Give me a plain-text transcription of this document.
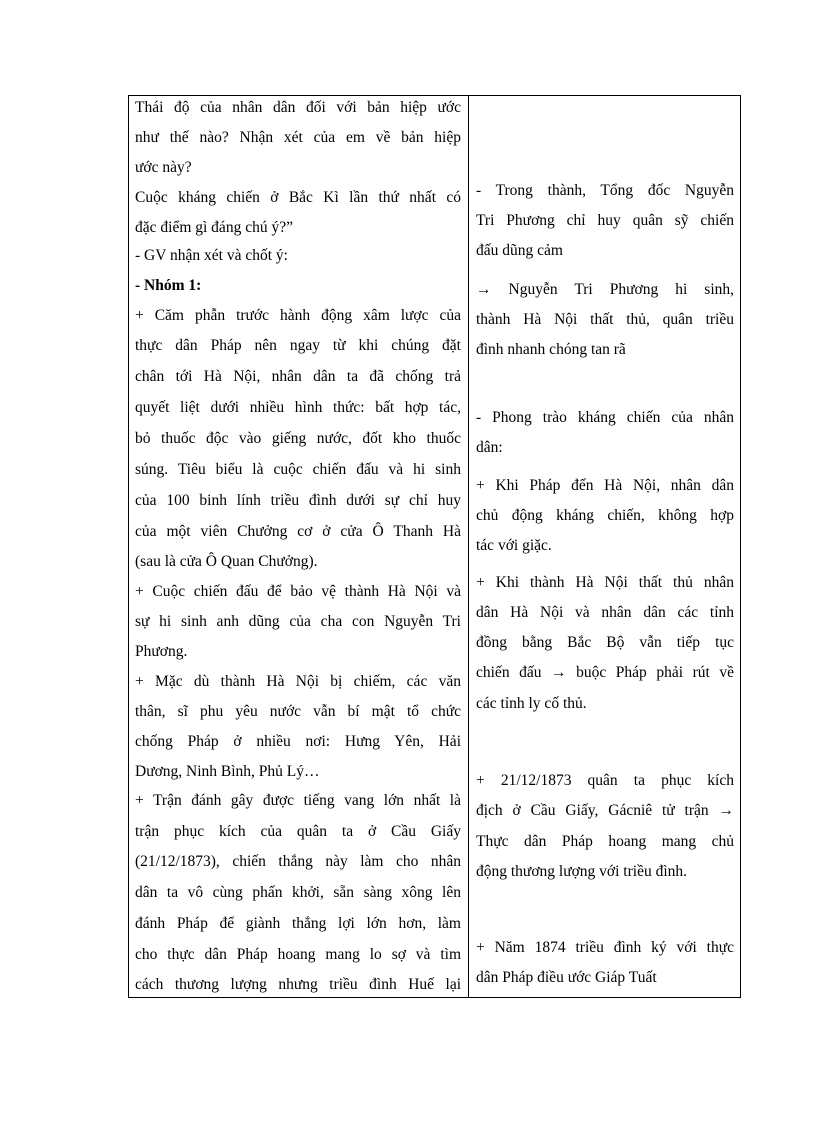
Thái độ của nhân dân đối với bản hiệp ước
như thế nào? Nhận xét của em về bản hiệp
ước này?
Cuộc kháng chiến ở Bắc Kì lần thứ nhất có
đặc điểm gì đáng chú ý?”
- GV nhận xét và chốt ý:
- Nhóm 1:
+ Căm phẫn trước hành động xâm lược của
thực dân Pháp nên ngay từ khi chúng đặt
chân tới Hà Nội, nhân dân ta đã chống trả
quyết liệt dưới nhiều hình thức: bất hợp tác,
bỏ thuốc độc vào giếng nước, đốt kho thuốc
súng. Tiêu biểu là cuộc chiến đấu và hi sinh
của 100 binh lính triều đình dưới sự chỉ huy
của một viên Chưởng cơ ở cửa Ô Thanh Hà
(sau là cửa Ô Quan Chưởng).
+ Cuộc chiến đấu để bảo vệ thành Hà Nội và
sự hi sinh anh dũng của cha con Nguyễn Tri
Phương.
+ Mặc dù thành Hà Nội bị chiếm, các văn
thân, sĩ phu yêu nước vẫn bí mật tổ chức
chống Pháp ở nhiều nơi: Hưng Yên, Hải
Dương, Ninh Bình, Phủ Lý…
+ Trận đánh gây được tiếng vang lớn nhất là
trận phục kích của quân ta ở Cầu Giấy
(21/12/1873), chiến thắng này làm cho nhân
dân ta vô cùng phấn khởi, sẵn sàng xông lên
đánh Pháp để giành thắng lợi lớn hơn, làm
cho thực dân Pháp hoang mang lo sợ và tìm
cách thương lượng nhưng triều đình Huế lại
- Trong thành, Tổng đốc Nguyễn
Tri Phương chỉ huy quân sỹ chiến
đấu dũng cảm
→ Nguyễn Tri Phương hi sinh,
thành Hà Nội thất thủ, quân triều
đình nhanh chóng tan rã
- Phong trào kháng chiến của nhân
dân:
+ Khi Pháp đến Hà Nội, nhân dân
chủ động kháng chiến, không hợp
tác với giặc.
+ Khi thành Hà Nội thất thủ nhân
dân Hà Nội và nhân dân các tỉnh
đồng bằng Bắc Bộ vẫn tiếp tục
chiến đấu → buộc Pháp phải rút về
các tỉnh ly cố thủ.
+ 21/12/1873 quân ta phục kích
địch ở Cầu Giấy, Gácniê tử trận →
Thực dân Pháp hoang mang chủ
động thương lượng với triều đình.
+ Năm 1874 triều đình ký với thực
dân Pháp điều ước Giáp Tuất
